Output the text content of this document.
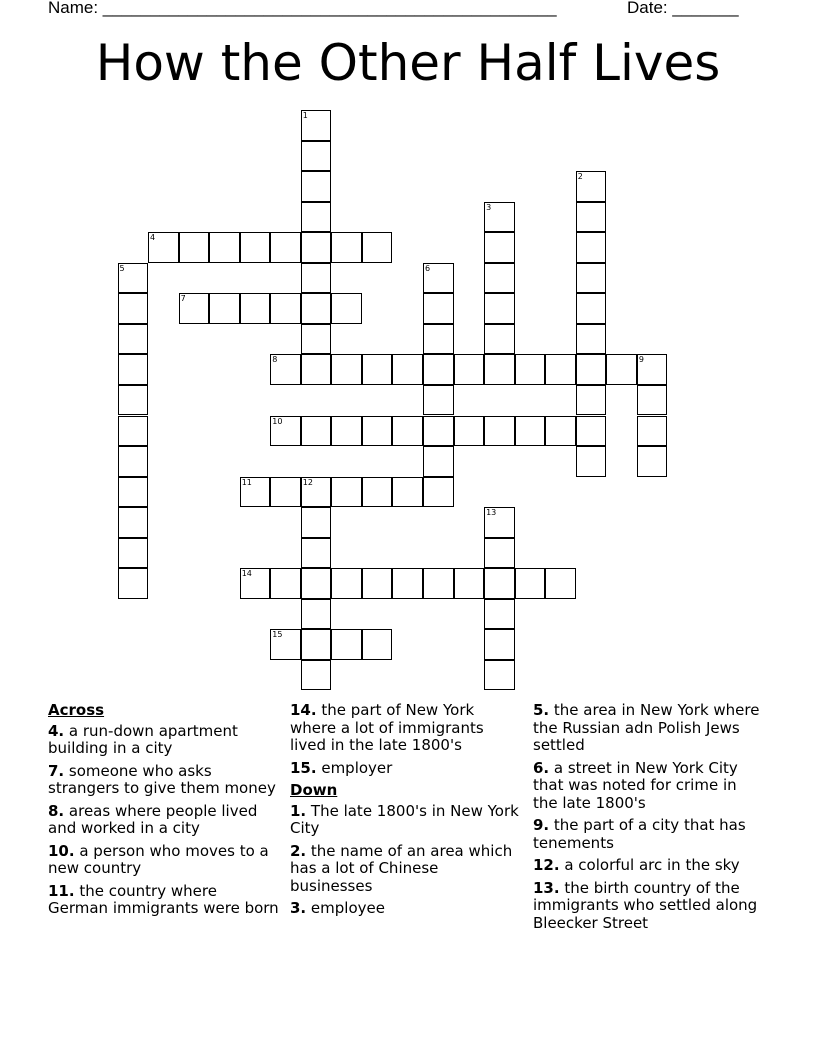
Name: ________________________________________________	Date: _______
How the Other Half Lives
1
2
3
4
5	6
7
8	9
10
11	12
13
14
15
Across
4. a run-down apartment building in a city
7. someone who asks strangers to give them money
8. areas where people lived and worked in a city
10. a person who moves to a new country
11. the country where German immigrants were born
14. the part of New York where a lot of immigrants lived in the late 1800's
15. employer
Down
1. The late 1800's in New York City
2. the name of an area which has a lot of Chinese businesses
3. employee
5. the area in New York where the Russian adn Polish Jews settled
6. a street in New York City that was noted for crime in the late 1800's
9. the part of a city that has tenements
12. a colorful arc in the sky
13. the birth country of the immigrants who settled along Bleecker Street
